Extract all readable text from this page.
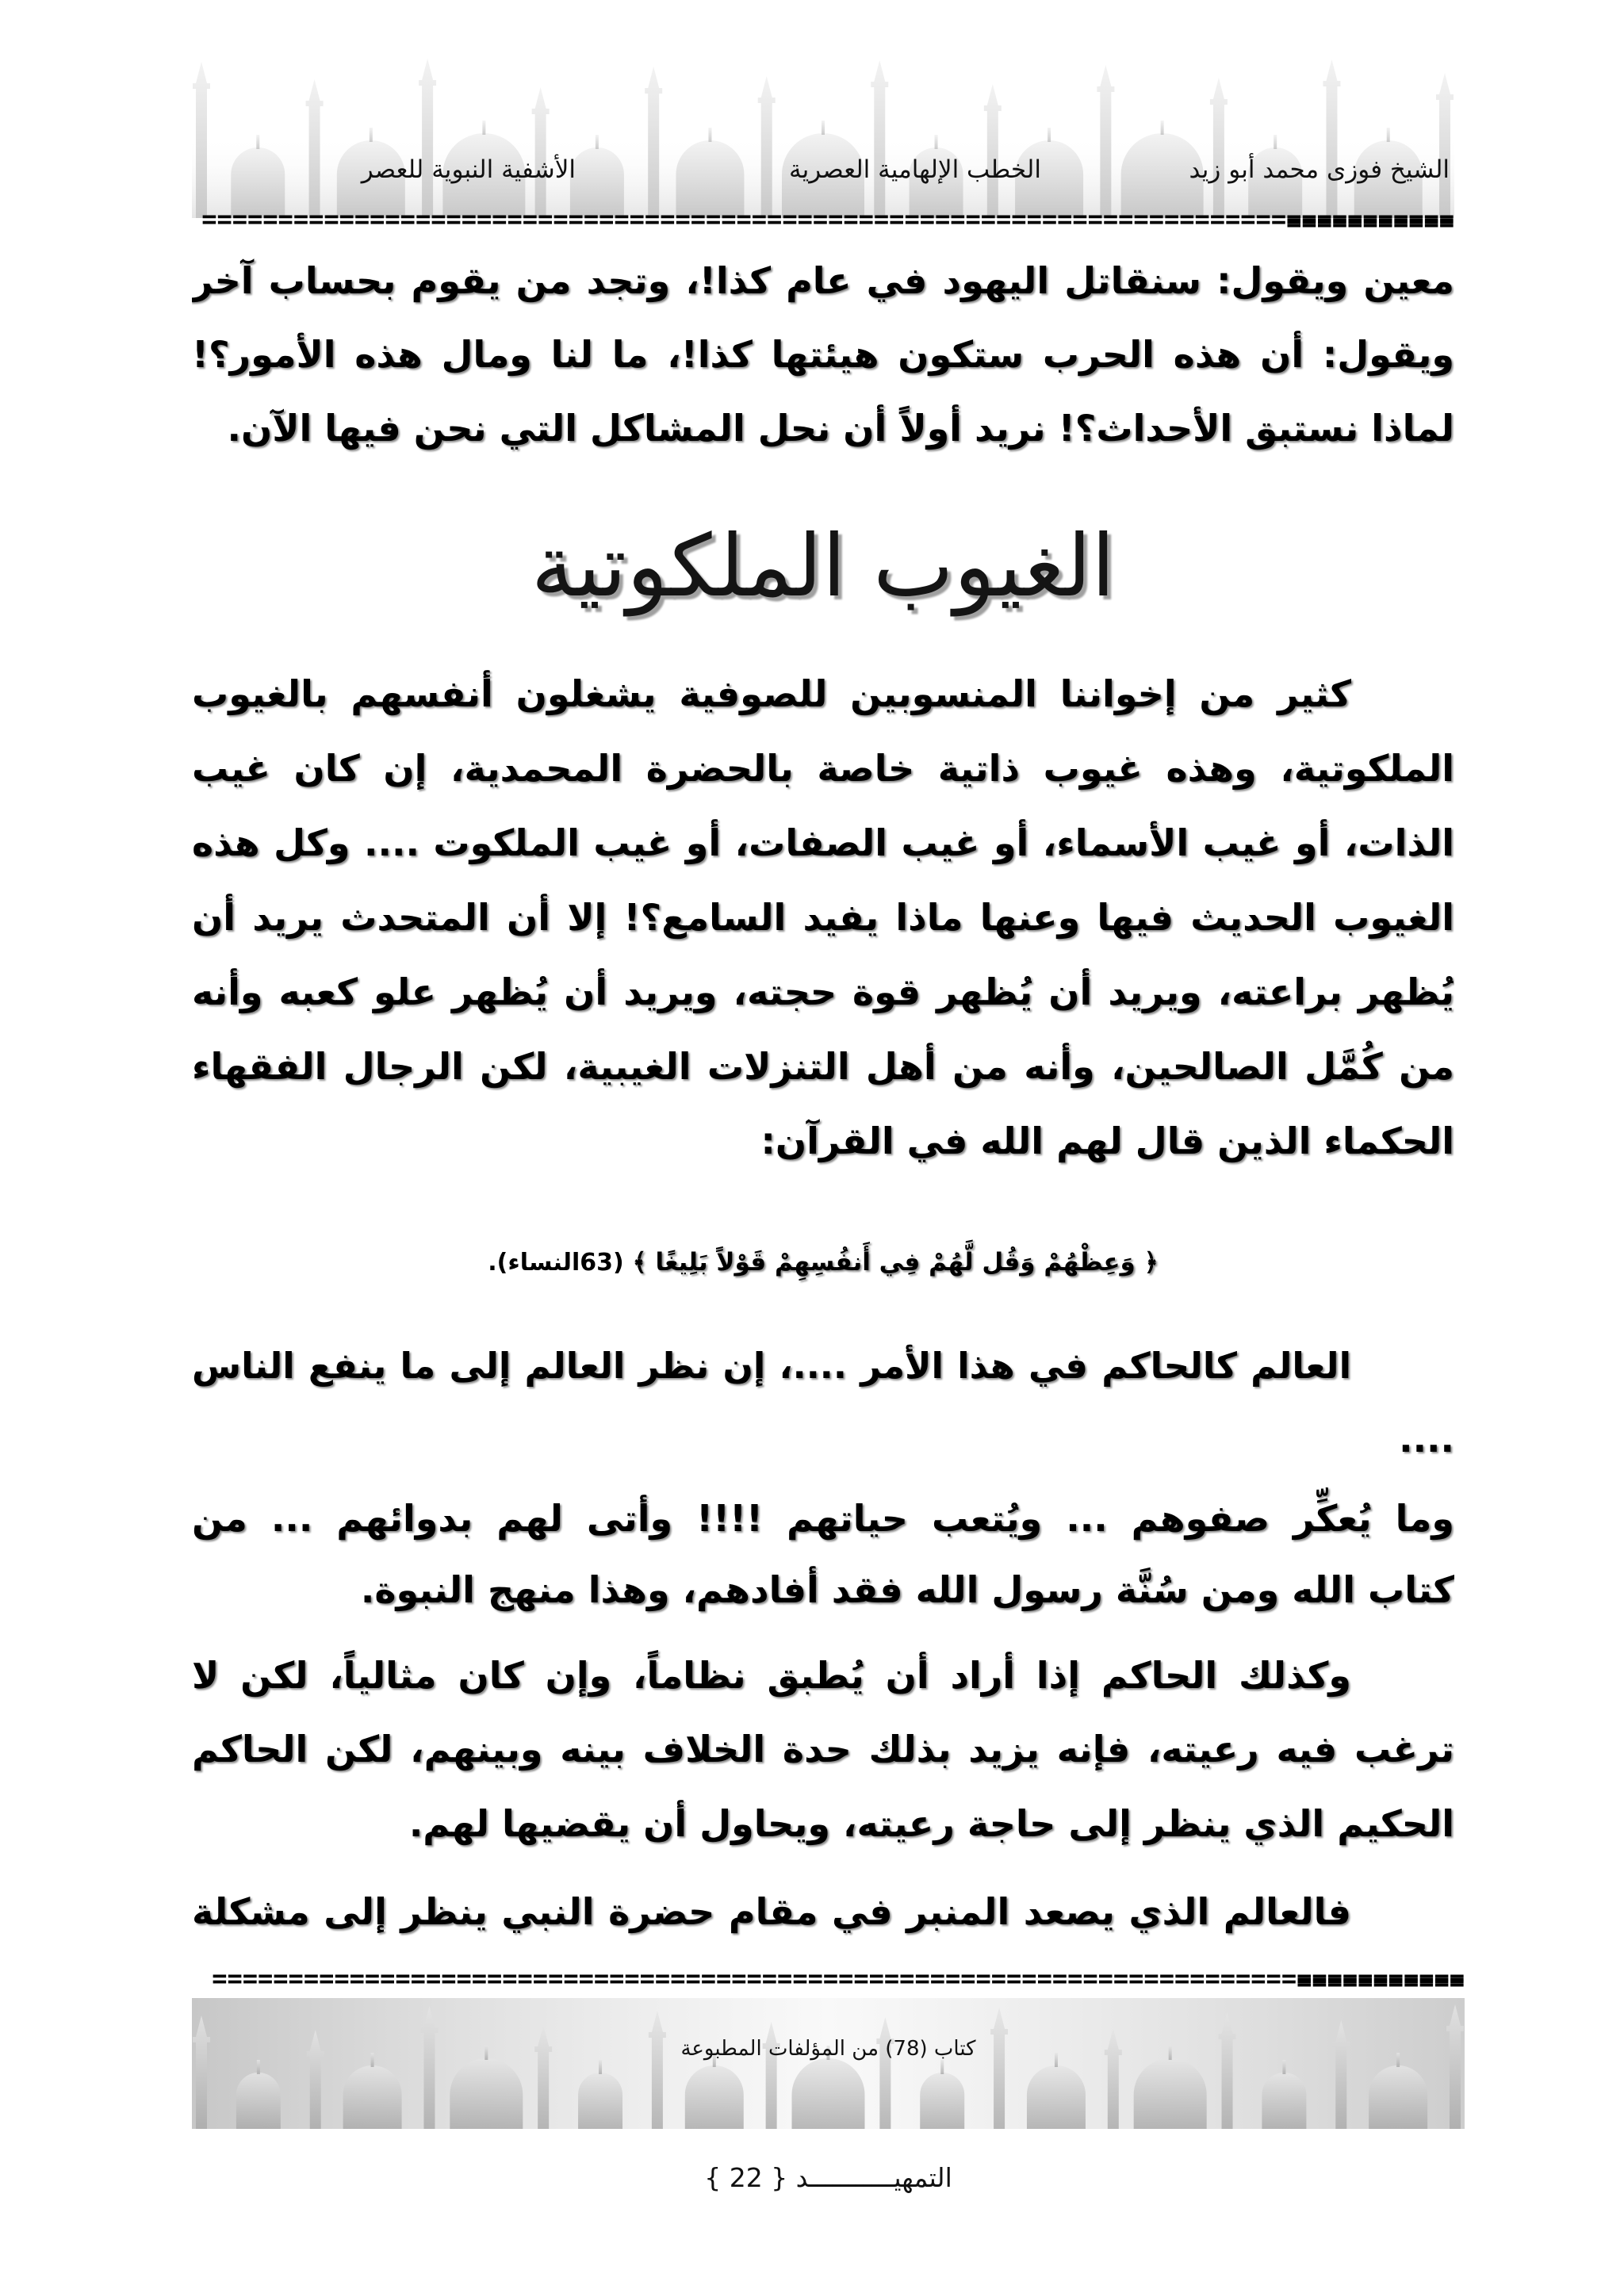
الشيخ فوزى محمد أبو زيد
الخطب الإلهامية العصرية
الأشفية النبوية للعصر
==================================================================================
معين ويقول: سنقاتل اليهود في عام كذا!، وتجد من يقوم بحساب آخر
ويقول: أن هذه الحرب ستكون هيئتها كذا!، ما لنا ومال هذه الأمور؟!
لماذا نستبق الأحداث؟! نريد أولاً أن نحل المشاكل التي نحن فيها الآن.
الغيوب الملكوتية
كثير من إخواننا المنسوبين للصوفية يشغلون أنفسهم بالغيوب
الملكوتية، وهذه غيوب ذاتية خاصة بالحضرة المحمدية، إن كان غيب
الذات، أو غيب الأسماء، أو غيب الصفات، أو غيب الملكوت .... وكل هذه
الغيوب الحديث فيها وعنها ماذا يفيد السامع؟! إلا أن المتحدث يريد أن
يُظهر براعته، ويريد أن يُظهر قوة حجته، ويريد أن يُظهر علو كعبه وأنه
من كُمَّل الصالحين، وأنه من أهل التنزلات الغيبية، لكن الرجال الفقهاء
الحكماء الذين قال لهم الله في القرآن:
﴿ وَعِظْهُمْ وَقُل لَّهُمْ فِي أَنفُسِهِمْ قَوْلاً بَلِيغًا ﴾ (63النساء).
العالم كالحاكم في هذا الأمر ....، إن نظر العالم إلى ما ينفع الناس
....
وما يُعكِّر صفوهم ... ويُتعب حياتهم !!!! وأتى لهم بدوائهم ... من
كتاب الله ومن سُنَّة رسول الله فقد أفادهم، وهذا منهج النبوة.
وكذلك الحاكم إذا أراد أن يُطبق نظاماً، وإن كان مثالياً، لكن لا
ترغب فيه رعيته، فإنه يزيد بذلك حدة الخلاف بينه وبينهم، لكن الحاكم
الحكيم الذي ينظر إلى حاجة رعيته، ويحاول أن يقضيها لهم.
فالعالم الذي يصعد المنبر في مقام حضرة النبي ينظر إلى مشكلة
==================================================================================
كتاب (78) من المؤلفات المطبوعة
التمهيـــــــــــد { 22 }
